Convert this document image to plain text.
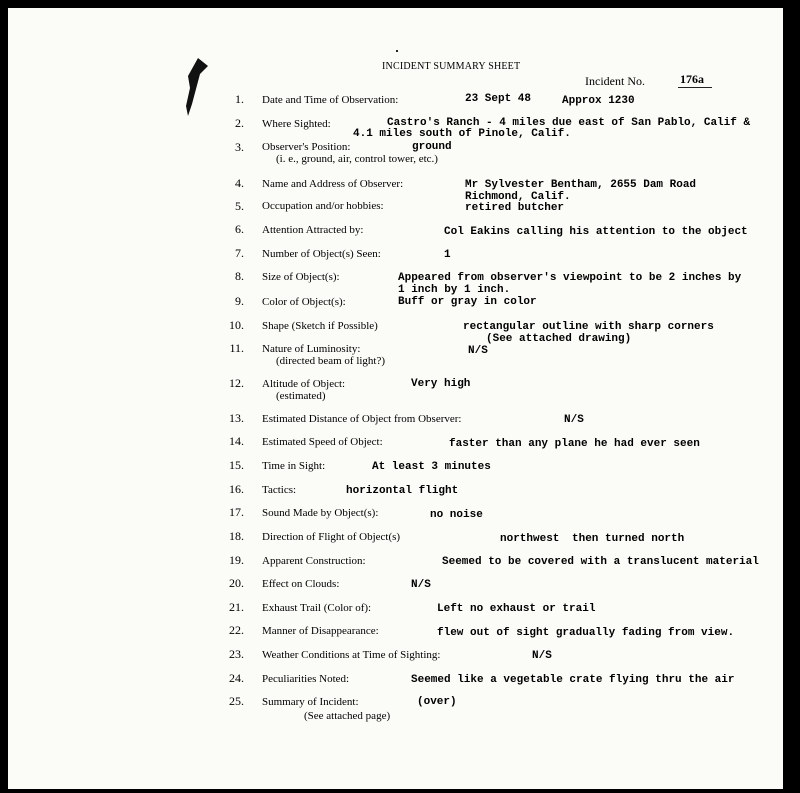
INCIDENT SUMMARY SHEET
Incident No.	176a
1. Date and Time of Observation:	23 Sept 48	Approx 1230
2. Where Sighted:	Castro's Ranch - 4 miles due east of San Pablo, Calif &
4.1 miles south of Pinole, Calif.
3. Observer's Position:	ground
(i. e., ground, air, control tower, etc.)
4. Name and Address of Observer:	Mr Sylvester Bentham, 2655 Dam Road
Richmond, Calif.
5. Occupation and/or hobbies:	retired butcher
6. Attention Attracted by:	Col Eakins calling his attention to the object
7. Number of Object(s) Seen:	1
8. Size of Object(s):	Appeared from observer's viewpoint to be 2 inches by
1 inch by 1 inch.
9. Color of Object(s):	Buff or gray in color
10. Shape (Sketch if Possible)	rectangular outline with sharp corners
(See attached drawing)
11. Nature of Luminosity:	N/S
(directed beam of light?)
12. Altitude of Object:	Very high
(estimated)
13. Estimated Distance of Object from Observer:	N/S
14. Estimated Speed of Object:	faster than any plane he had ever seen
15. Time in Sight:	At least 3 minutes
16. Tactics:	horizontal flight
17. Sound Made by Object(s):	no noise
18. Direction of Flight of Object(s)	northwest then turned north
19. Apparent Construction:	Seemed to be covered with a translucent material
20. Effect on Clouds:	N/S
21. Exhaust Trail (Color of):	Left no exhaust or trail
22. Manner of Disappearance:	flew out of sight gradually fading from view.
23. Weather Conditions at Time of Sighting:	N/S
24. Peculiarities Noted:	Seemed like a vegetable crate flying thru the air
25. Summary of Incident:	(over)
(See attached page)
